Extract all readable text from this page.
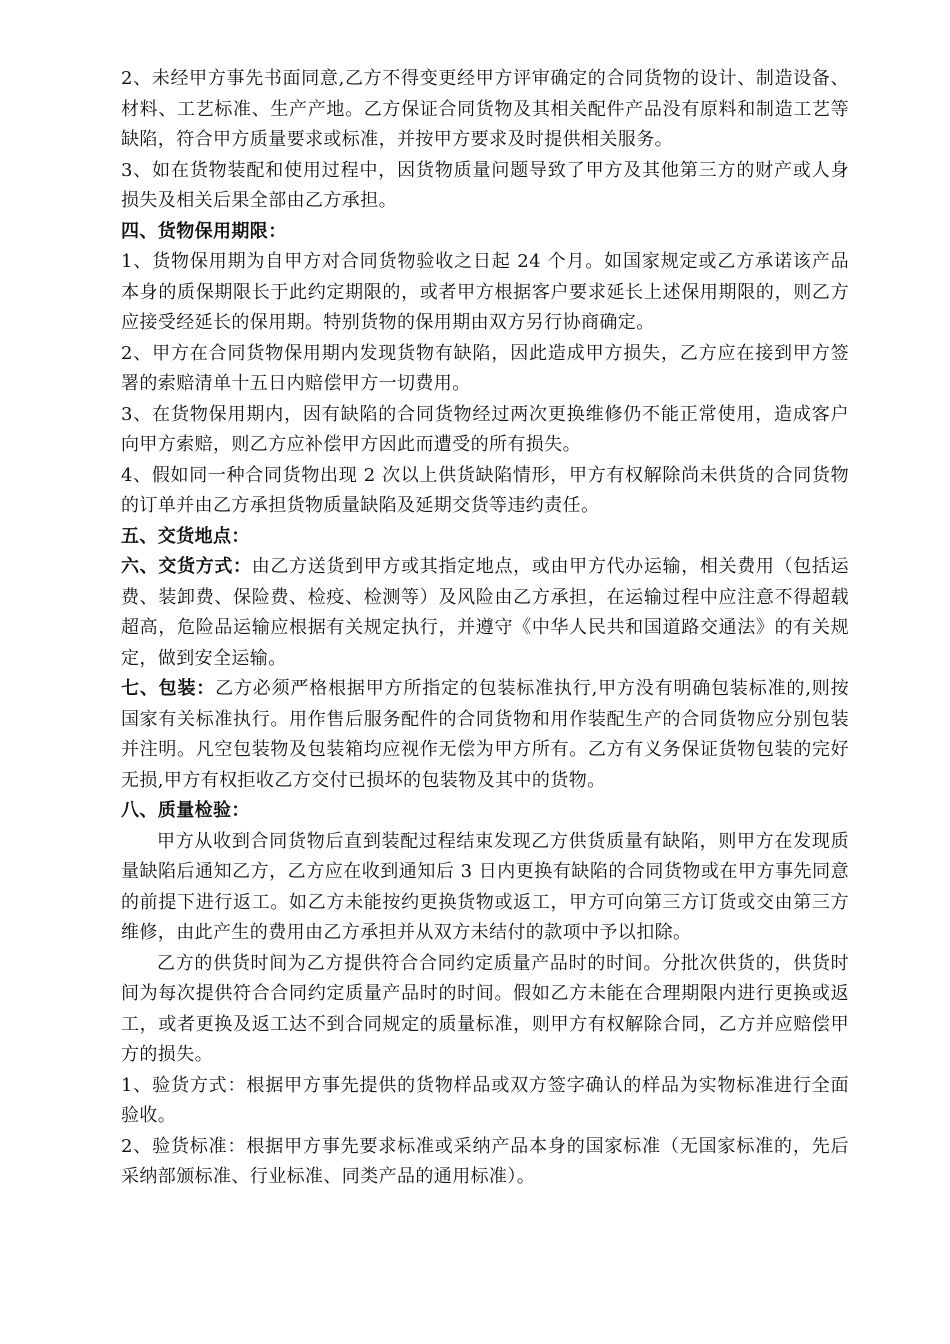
2、未经甲方事先书面同意,乙方不得变更经甲方评审确定的合同货物的设计、制造设备、材料、工艺标准、生产产地。乙方保证合同货物及其相关配件产品没有原料和制造工艺等缺陷，符合甲方质量要求或标准，并按甲方要求及时提供相关服务。

3、如在货物装配和使用过程中，因货物质量问题导致了甲方及其他第三方的财产或人身损失及相关后果全部由乙方承担。

四、货物保用期限：

1、货物保用期为自甲方对合同货物验收之日起 24 个月。如国家规定或乙方承诺该产品本身的质保期限长于此约定期限的，或者甲方根据客户要求延长上述保用期限的，则乙方应接受经延长的保用期。特别货物的保用期由双方另行协商确定。

2、甲方在合同货物保用期内发现货物有缺陷，因此造成甲方损失，乙方应在接到甲方签署的索赔清单十五日内赔偿甲方一切费用。

3、在货物保用期内，因有缺陷的合同货物经过两次更换维修仍不能正常使用，造成客户向甲方索赔，则乙方应补偿甲方因此而遭受的所有损失。

4、假如同一种合同货物出现 2 次以上供货缺陷情形，甲方有权解除尚未供货的合同货物的订单并由乙方承担货物质量缺陷及延期交货等违约责任。

五、交货地点：

六、交货方式：由乙方送货到甲方或其指定地点，或由甲方代办运输，相关费用（包括运费、装卸费、保险费、检疫、检测等）及风险由乙方承担，在运输过程中应注意不得超载超高，危险品运输应根据有关规定执行，并遵守《中华人民共和国道路交通法》的有关规定，做到安全运输。

七、包装：乙方必须严格根据甲方所指定的包装标准执行,甲方没有明确包装标准的,则按国家有关标准执行。用作售后服务配件的合同货物和用作装配生产的合同货物应分别包装并注明。凡空包装物及包装箱均应视作无偿为甲方所有。乙方有义务保证货物包装的完好无损,甲方有权拒收乙方交付已损坏的包装物及其中的货物。

八、质量检验：

甲方从收到合同货物后直到装配过程结束发现乙方供货质量有缺陷，则甲方在发现质量缺陷后通知乙方，乙方应在收到通知后 3 日内更换有缺陷的合同货物或在甲方事先同意的前提下进行返工。如乙方未能按约更换货物或返工，甲方可向第三方订货或交由第三方维修，由此产生的费用由乙方承担并从双方未结付的款项中予以扣除。

乙方的供货时间为乙方提供符合合同约定质量产品时的时间。分批次供货的，供货时间为每次提供符合合同约定质量产品时的时间。假如乙方未能在合理期限内进行更换或返工，或者更换及返工达不到合同规定的质量标准，则甲方有权解除合同，乙方并应赔偿甲方的损失。

1、验货方式：根据甲方事先提供的货物样品或双方签字确认的样品为实物标准进行全面验收。

2、验货标准：根据甲方事先要求标准或采纳产品本身的国家标准（无国家标准的，先后采纳部颁标准、行业标准、同类产品的通用标准）。
